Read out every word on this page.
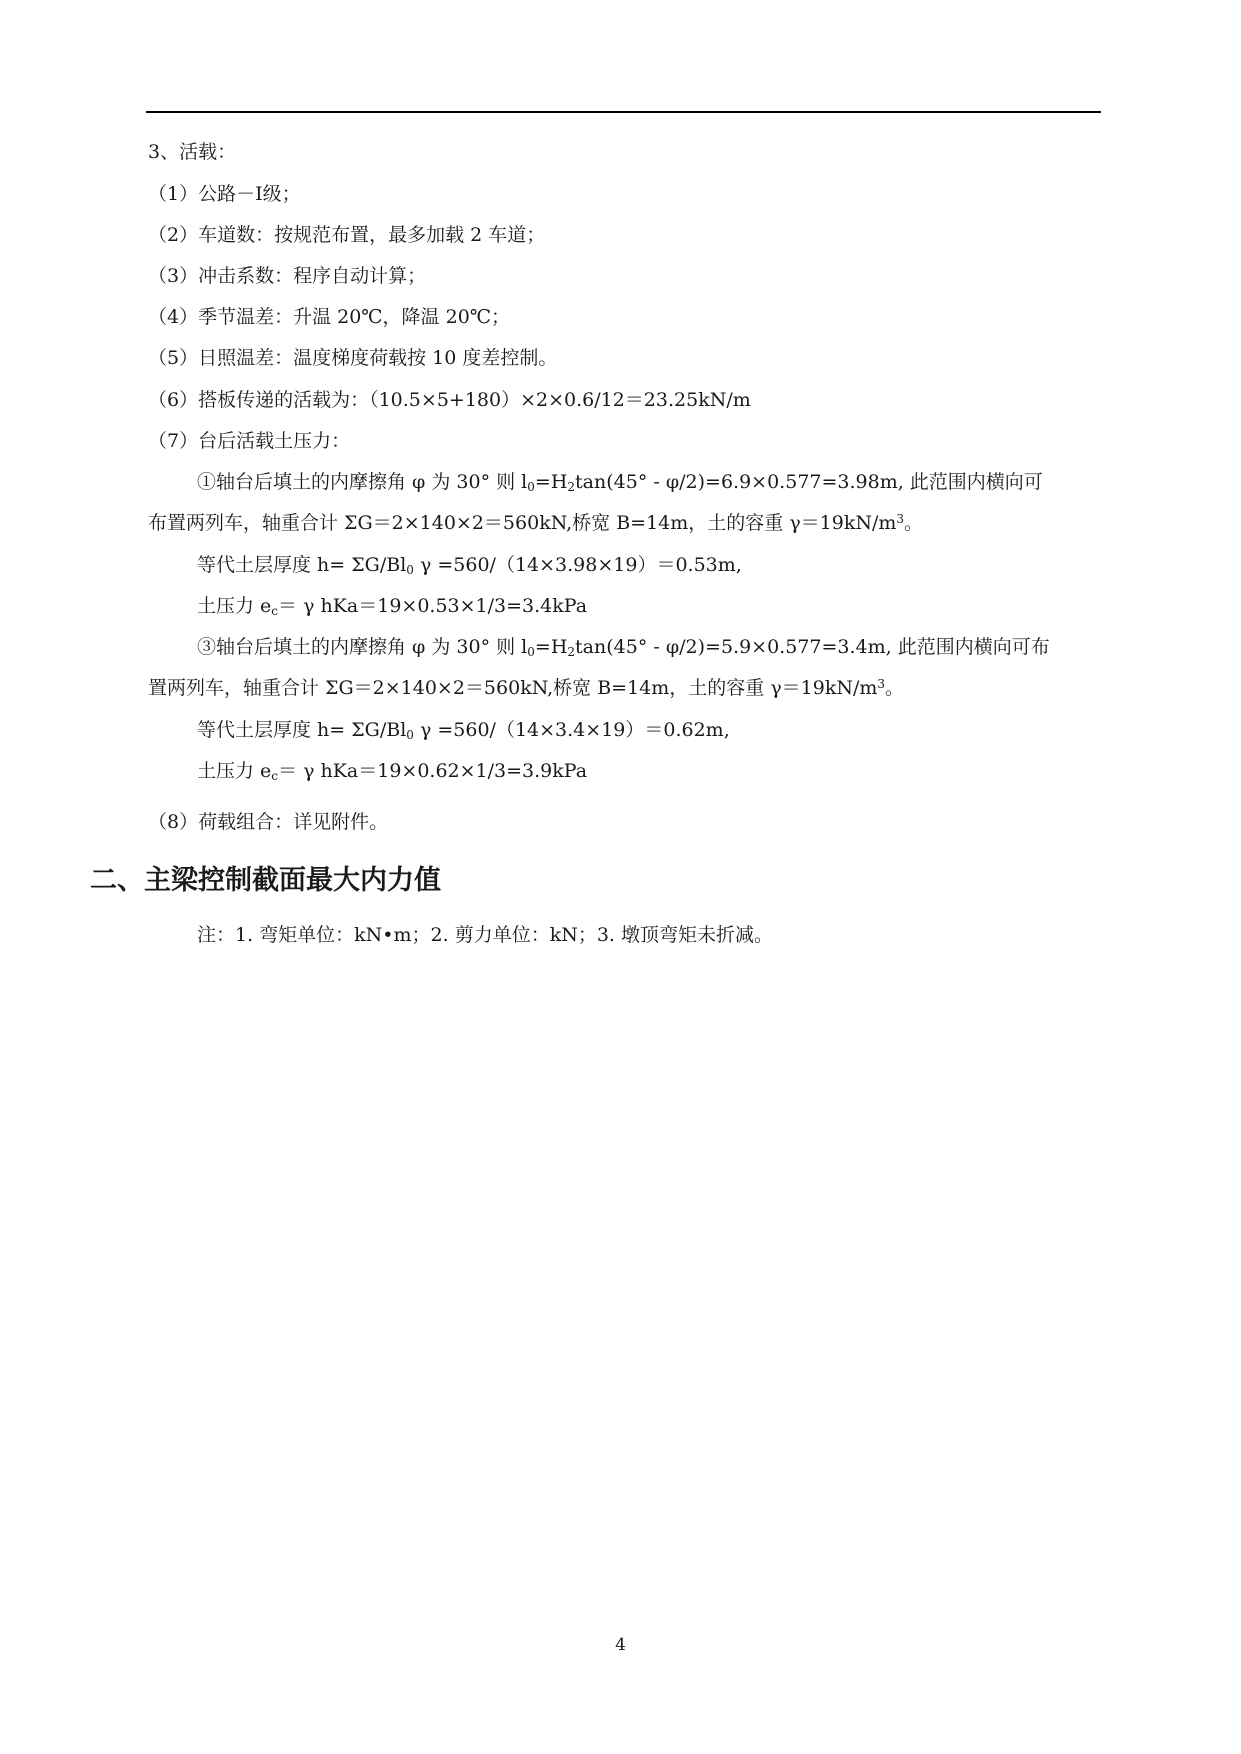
3、活载：
（1）公路－Ⅰ级；
（2）车道数：按规范布置，最多加载 2 车道；
（3）冲击系数：程序自动计算；
（4）季节温差：升温 20℃，降温 20℃；
（5）日照温差：温度梯度荷载按 10 度差控制。
（6）搭板传递的活载为：（10.5×5+180）×2×0.6/12＝23.25kN/m
（7）台后活载土压力：
①轴台后填土的内摩擦角 φ 为 30° 则 $l_0=H_2\tan(45^\circ - \varphi/2)=6.9\times 0.577=3.98m$, 此范围内横向可
布置两列车，轴重合计 ΣG＝2×140×2＝560kN,桥宽 B=14m，土的容重 $\gamma=19kN/m^3$。
等代土层厚度 $h= \Sigma G/Bl_0$ γ =560/（14×3.98×19）＝0.53m,
土压力 $e_c= \gamma$ hKa＝19×0.53×1/3=3.4kPa
③轴台后填土的内摩擦角 φ 为 30° 则 $l_0=H_2\tan(45^\circ - \varphi/2)=5.9\times 0.577=3.4m$, 此范围内横向可布
置两列车，轴重合计 ΣG＝2×140×2＝560kN,桥宽 B=14m，土的容重 $\gamma=19kN/m^3$。
等代土层厚度 $h= \Sigma G/Bl_0$ γ =560/（14×3.4×19）＝0.62m,
土压力 $e_c= \gamma$ hKa＝19×0.62×1/3=3.9kPa
（8）荷载组合：详见附件。
二、主梁控制截面最大内力值
注：1. 弯矩单位：kN•m；2. 剪力单位：kN；3. 墩顶弯矩未折减。
4
